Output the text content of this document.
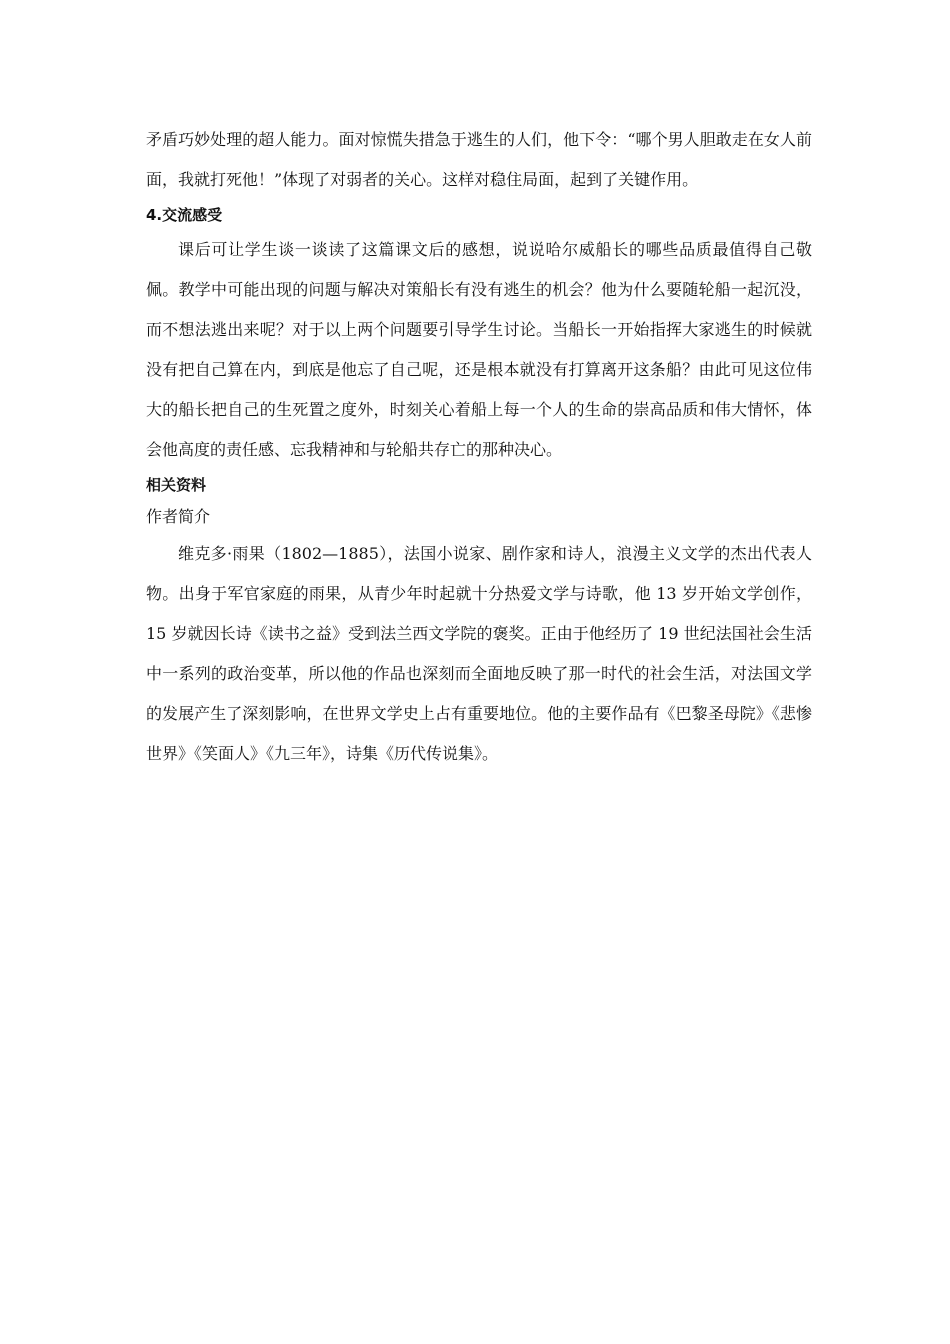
矛盾巧妙处理的超人能力。面对惊慌失措急于逃生的人们，他下令：“哪个男人胆敢走在女人前面，我就打死他！”体现了对弱者的关心。这样对稳住局面，起到了关键作用。

4.交流感受

课后可让学生谈一谈读了这篇课文后的感想，说说哈尔威船长的哪些品质最值得自己敬佩。教学中可能出现的问题与解决对策船长有没有逃生的机会？他为什么要随轮船一起沉没，而不想法逃出来呢？对于以上两个问题要引导学生讨论。当船长一开始指挥大家逃生的时候就没有把自己算在内，到底是他忘了自己呢，还是根本就没有打算离开这条船？由此可见这位伟大的船长把自己的生死置之度外，时刻关心着船上每一个人的生命的崇高品质和伟大情怀，体会他高度的责任感、忘我精神和与轮船共存亡的那种决心。

相关资料
作者简介

维克多·雨果（1802—1885），法国小说家、剧作家和诗人，浪漫主义文学的杰出代表人物。出身于军官家庭的雨果，从青少年时起就十分热爱文学与诗歌，他 13 岁开始文学创作，15 岁就因长诗《读书之益》受到法兰西文学院的褒奖。正由于他经历了 19 世纪法国社会生活中一系列的政治变革，所以他的作品也深刻而全面地反映了那一时代的社会生活，对法国文学的发展产生了深刻影响，在世界文学史上占有重要地位。他的主要作品有《巴黎圣母院》《悲惨世界》《笑面人》《九三年》，诗集《历代传说集》。
